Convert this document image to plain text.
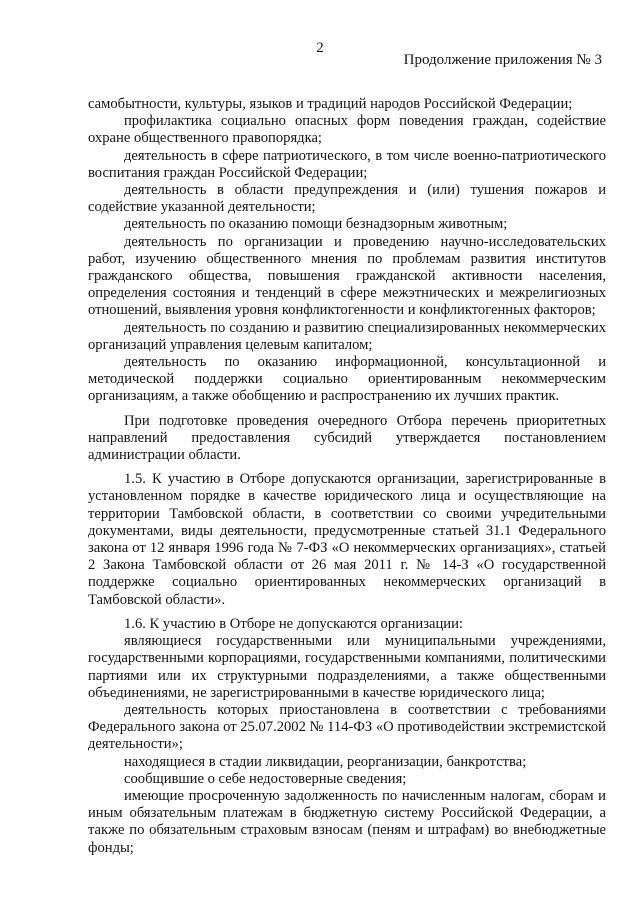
2
Продолжение приложения № 3

самобытности, культуры, языков и традиций народов Российской Федерации;

профилактика социально опасных форм поведения граждан, содействие охране общественного правопорядка;

деятельность в сфере патриотического, в том числе военно-патриотического воспитания граждан Российской Федерации;

деятельность в области предупреждения и (или) тушения пожаров и содействие указанной деятельности;

деятельность по оказанию помощи безнадзорным животным;

деятельность по организации и проведению научно-исследовательских работ, изучению общественного мнения по проблемам развития институтов гражданского общества, повышения гражданской активности населения, определения состояния и тенденций в сфере межэтнических и межрелигиозных отношений, выявления уровня конфликтогенности и конфликтогенных факторов;

деятельность по созданию и развитию специализированных некоммерческих организаций управления целевым капиталом;

деятельность по оказанию информационной, консультационной и методической поддержки социально ориентированным некоммерческим организациям, а также обобщению и распространению их лучших практик.

При подготовке проведения очередного Отбора перечень приоритетных направлений предоставления субсидий утверждается постановлением администрации области.

1.5. К участию в Отборе допускаются организации, зарегистрированные в установленном порядке в качестве юридического лица и осуществляющие на территории Тамбовской области, в соответствии со своими учредительными документами, виды деятельности, предусмотренные статьей 31.1 Федерального закона от 12 января 1996 года № 7-ФЗ «О некоммерческих организациях», статьей 2 Закона Тамбовской области от 26 мая 2011 г. № 14-З «О государственной поддержке социально ориентированных некоммерческих организаций в Тамбовской области».

1.6. К участию в Отборе не допускаются организации:

являющиеся государственными или муниципальными учреждениями, государственными корпорациями, государственными компаниями, политическими партиями или их структурными подразделениями, а также общественными объединениями, не зарегистрированными в качестве юридического лица;

деятельность которых приостановлена в соответствии с требованиями Федерального закона от 25.07.2002 № 114-ФЗ «О противодействии экстремистской деятельности»;

находящиеся в стадии ликвидации, реорганизации, банкротства;

сообщившие о себе недостоверные сведения;

имеющие просроченную задолженность по начисленным налогам, сборам и иным обязательным платежам в бюджетную систему Российской Федерации, а также по обязательным страховым взносам (пеням и штрафам) во внебюджетные фонды;
